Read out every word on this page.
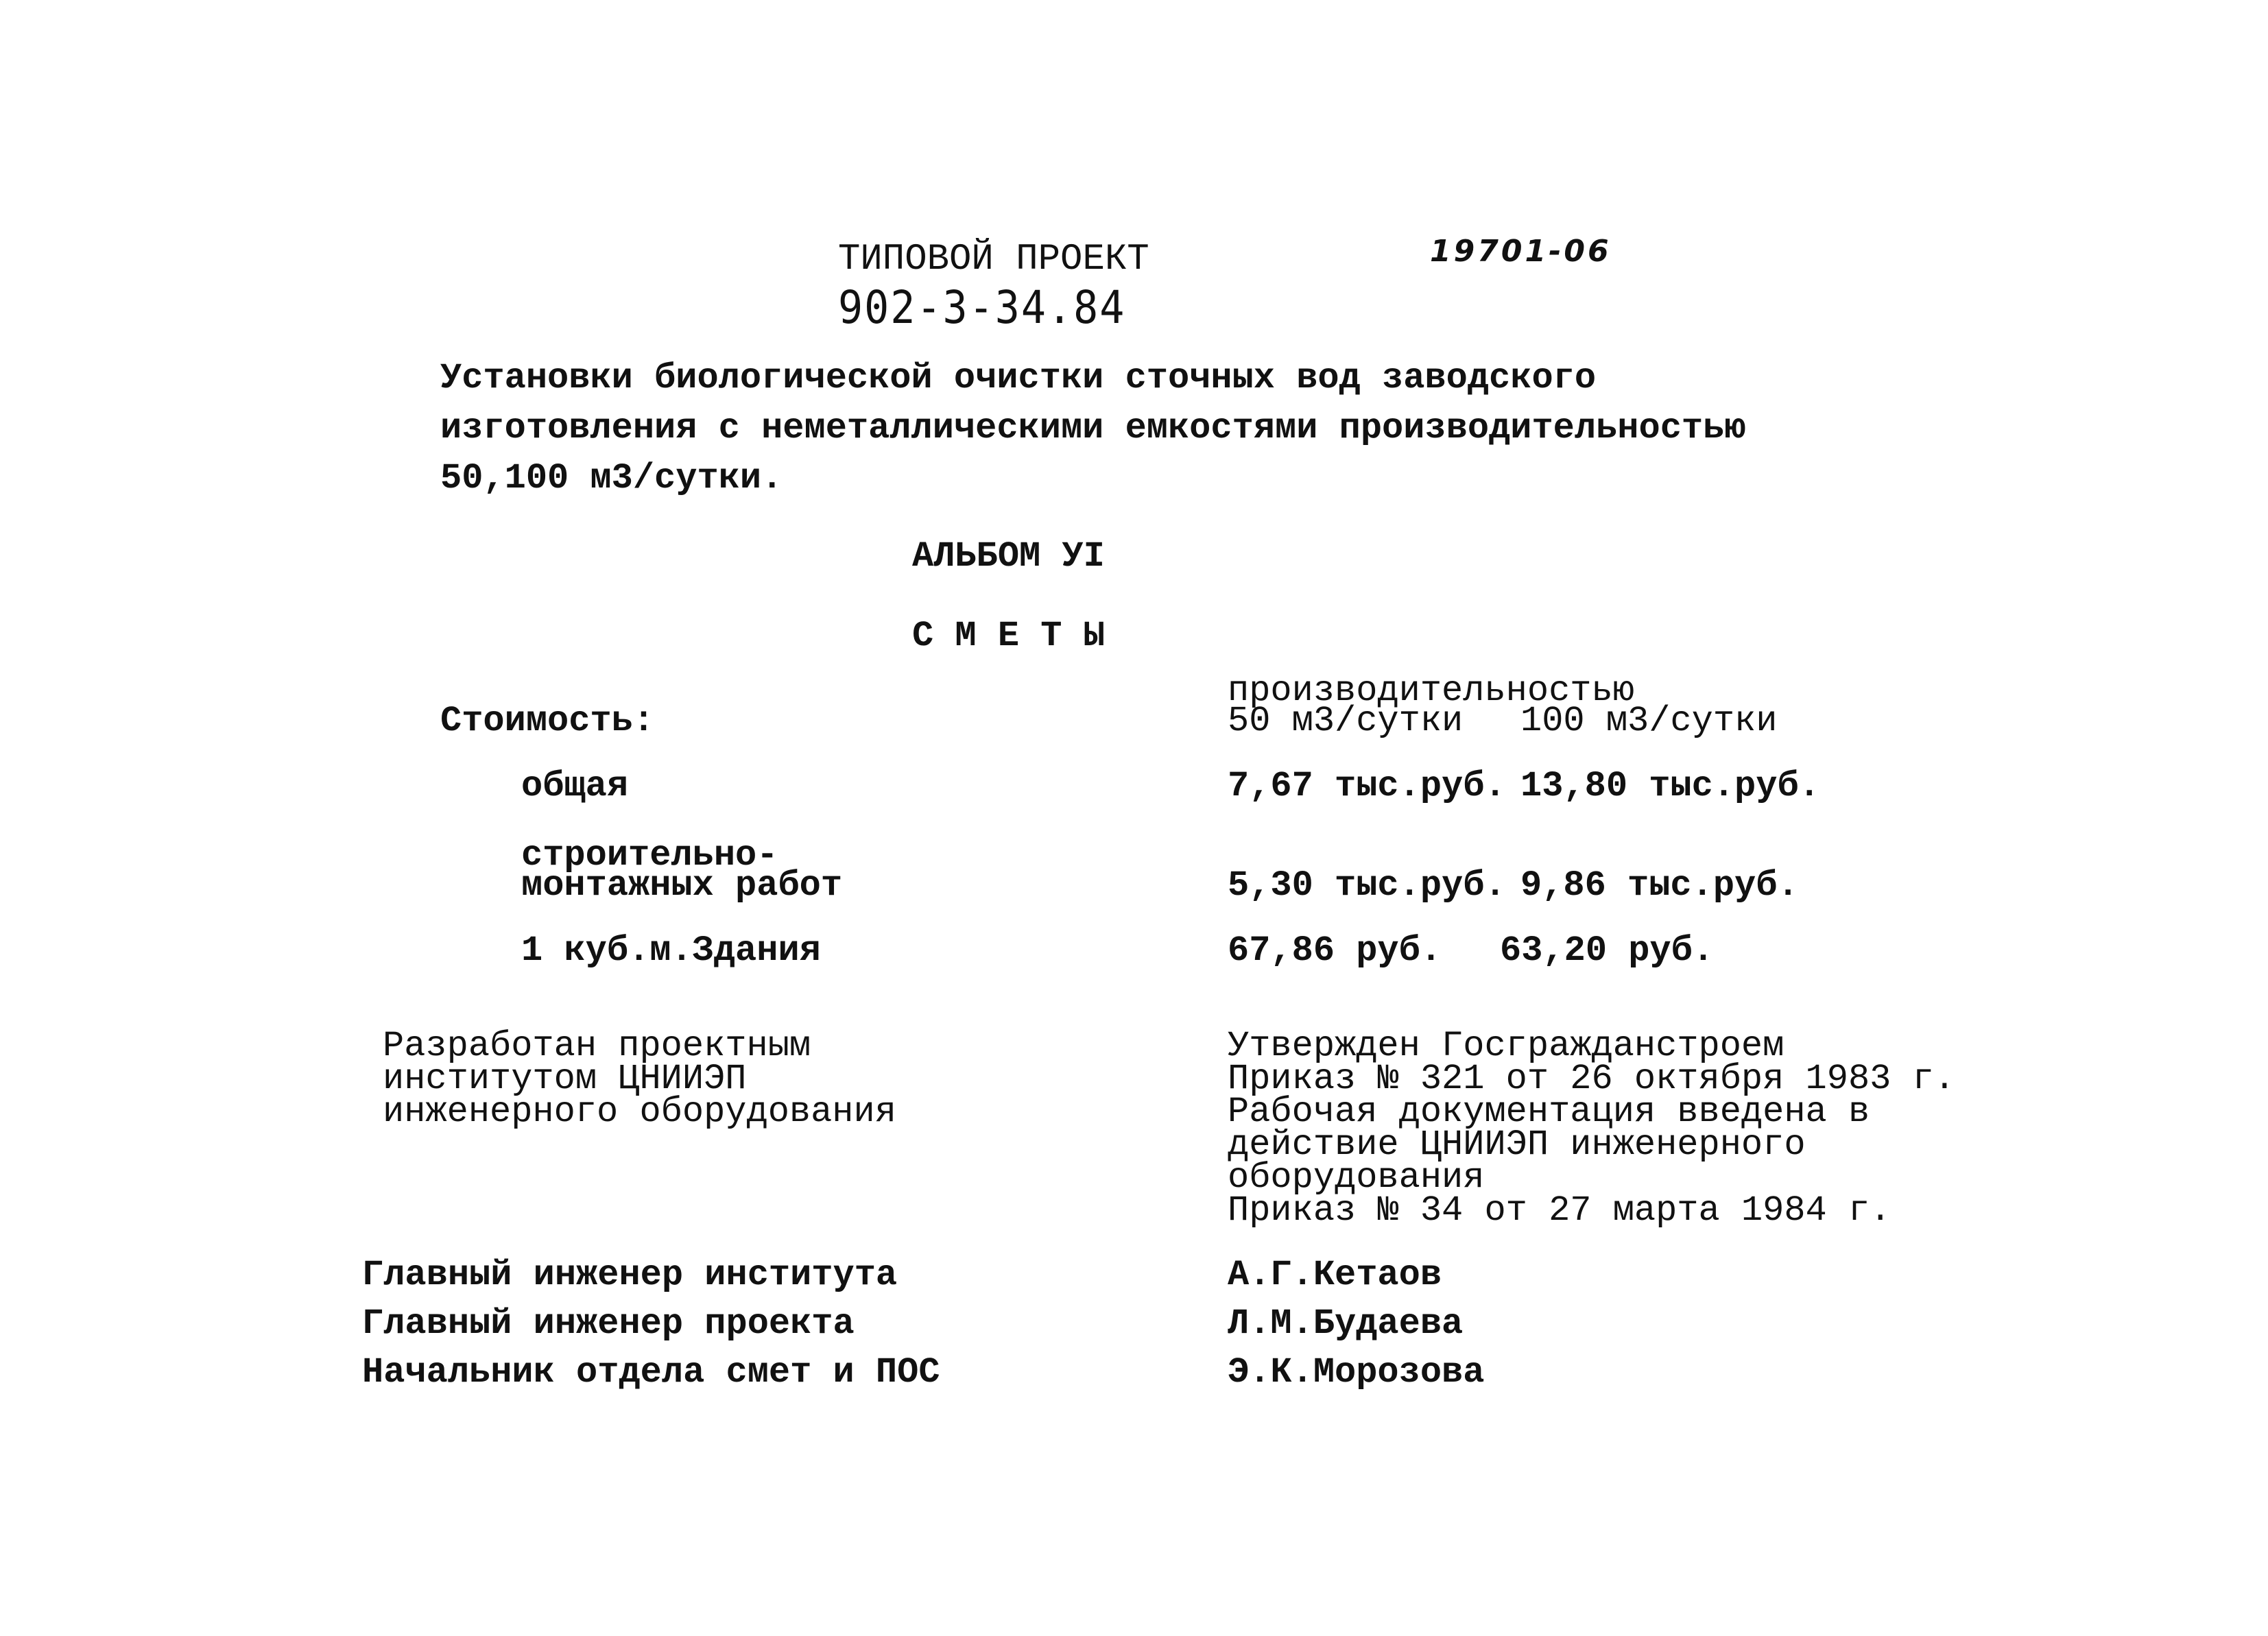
ТИПОВОЙ ПРОЕКТ
902-3-34.84
19701-06
Установки биологической очистки сточных вод заводского
изготовления с неметаллическими емкостями производительностью
50,100 м3/сутки.
АЛЬБОМ УI
С М Е Т Ы
Стоимость:
производительностью
50 м3/сутки 100 м3/сутки
общая	7,67 тыс.руб. 13,80 тыс.руб.
строительно-
монтажных работ	5,30 тыс.руб. 9,86 тыс.руб.
1 куб.м.Здания	67,86 руб. 63,20 руб.
Разработан проектным
институтом ЦНИИЭП
инженерного оборудования
Утвержден Госгражданстроем
Приказ № 321 от 26 октября 1983 г.
Рабочая документация введена в
действие ЦНИИЭП инженерного
оборудования
Приказ № 34 от 27 марта 1984 г.
Главный инженер института	А.Г.Кетаов
Главный инженер проекта	Л.М.Будаева
Начальник отдела смет и ПОС	Э.К.Морозова
